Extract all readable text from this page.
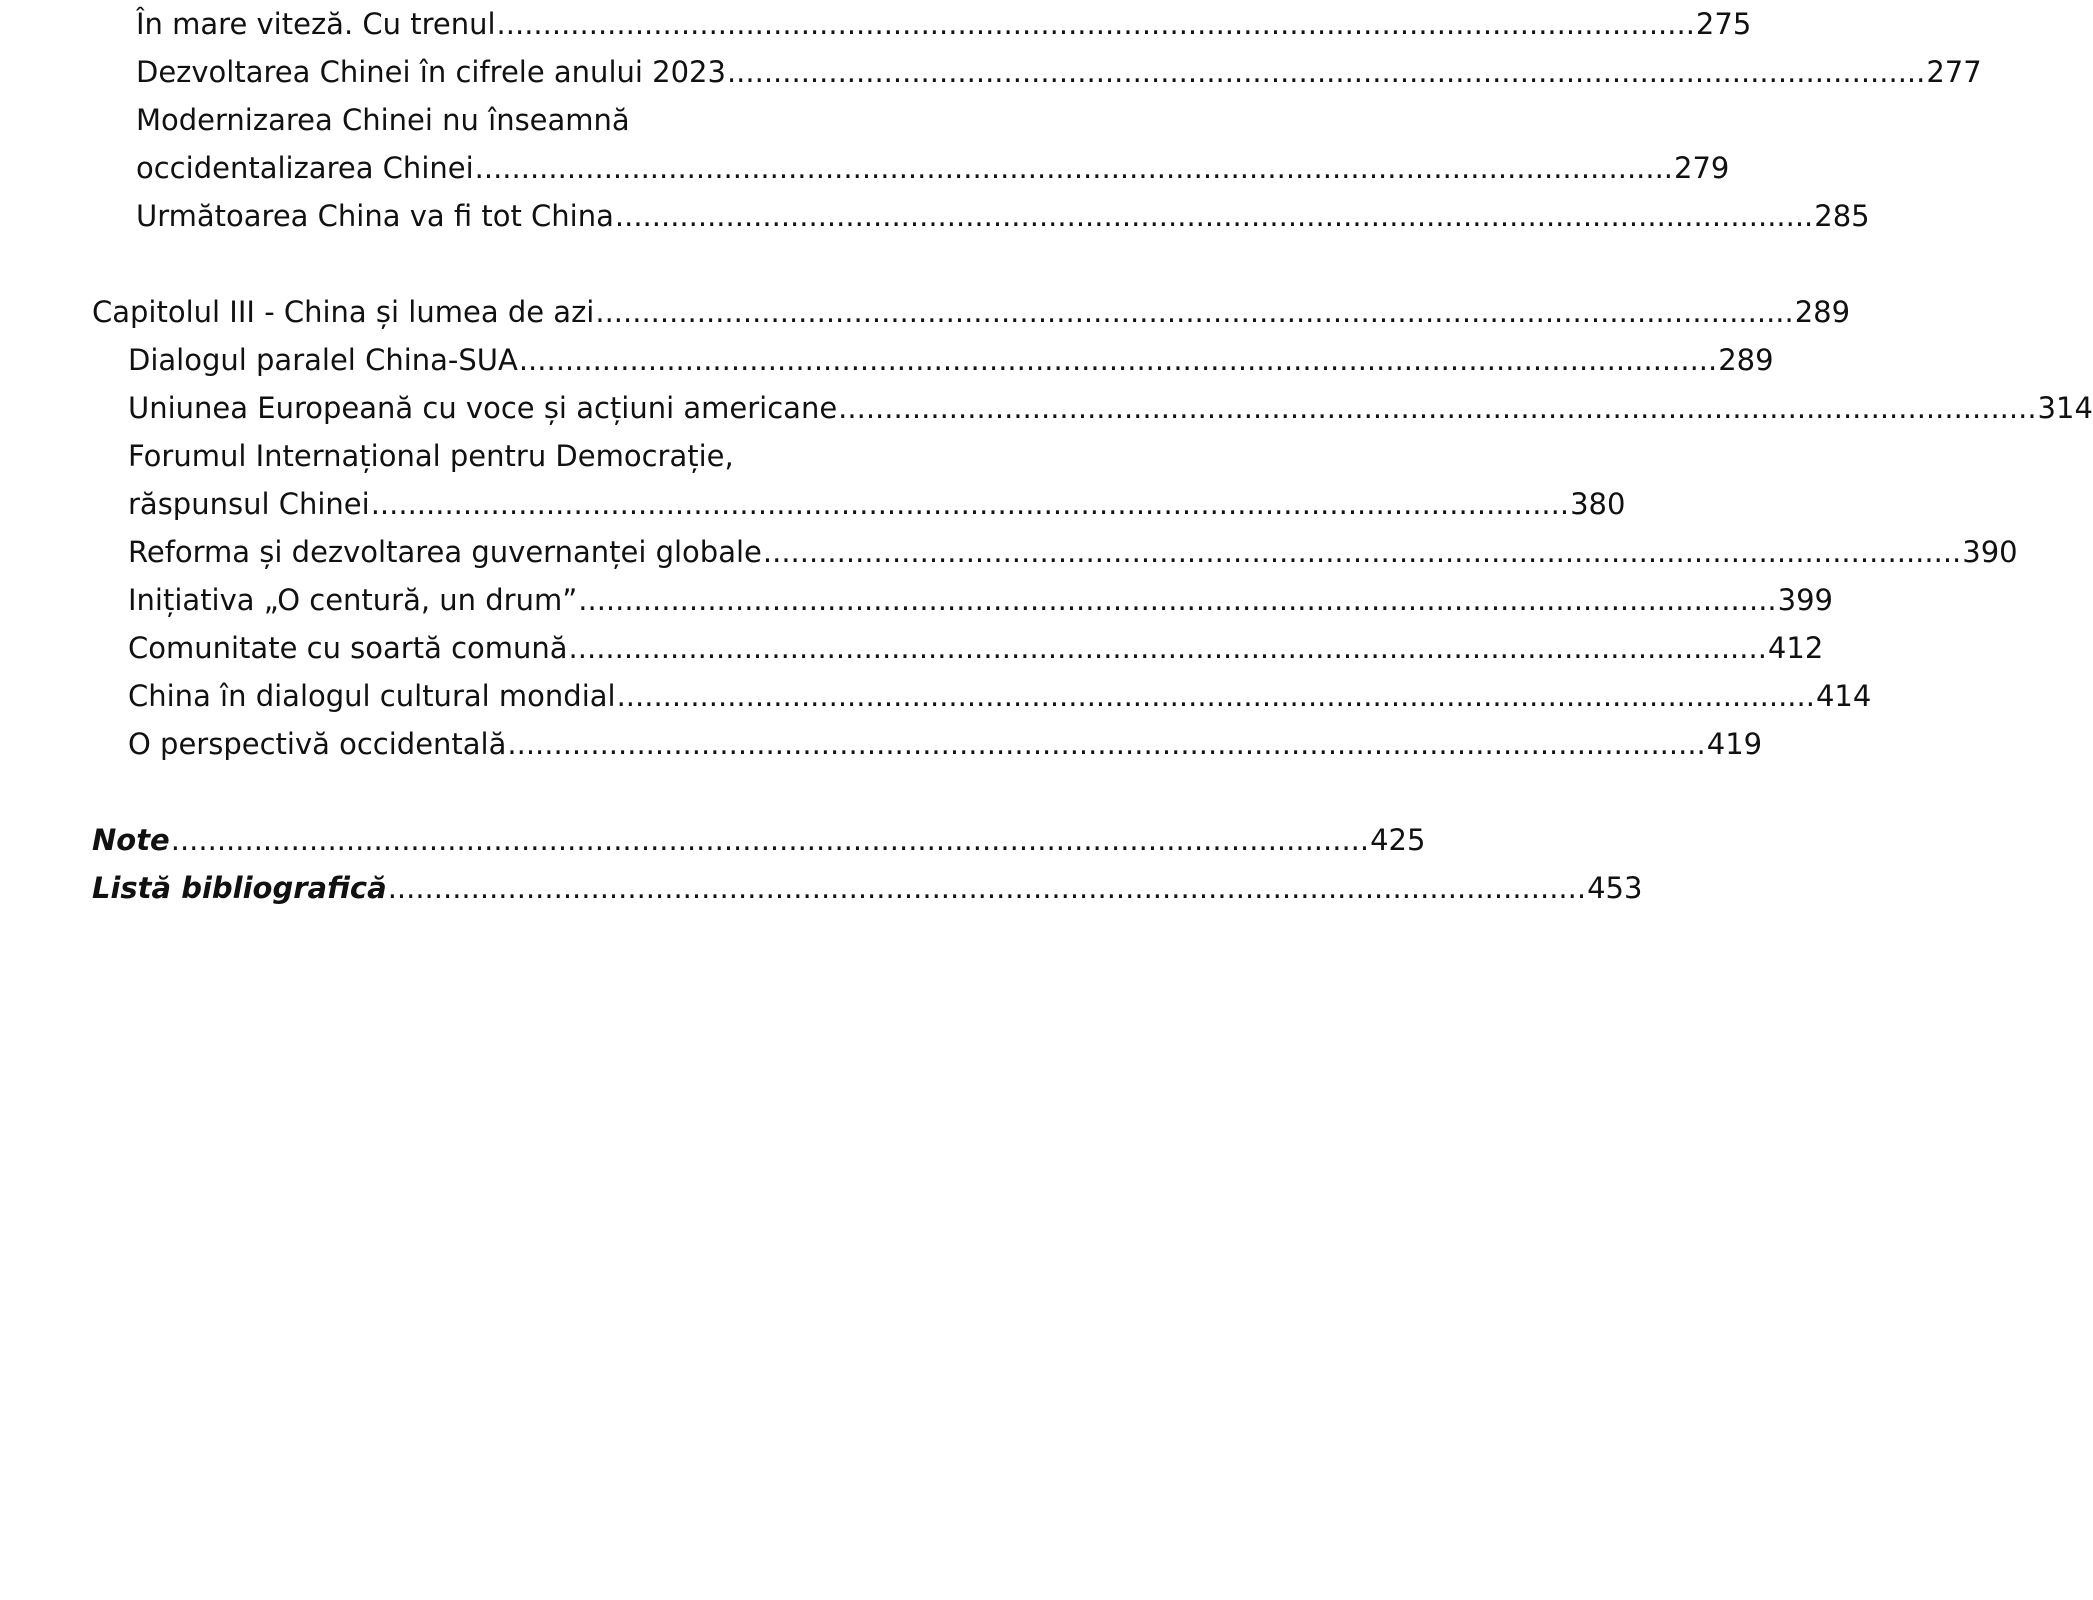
În mare viteză. Cu trenul .................................................................................................................................. 275
Dezvoltarea Chinei în cifrele anului 2023 .................................................................................................................................. 277
Modernizarea Chinei nu înseamnă
occidentalizarea Chinei .................................................................................................................................. 279
Următoarea China va fi tot China .................................................................................................................................. 285
Capitolul III - China și lumea de azi .................................................................................................................................. 289
Dialogul paralel China-SUA .................................................................................................................................. 289
Uniunea Europeană cu voce și acțiuni americane .................................................................................................................................. 314
Forumul Internațional pentru Democrație,
răspunsul Chinei .................................................................................................................................. 380
Reforma și dezvoltarea guvernanței globale .................................................................................................................................. 390
Inițiativa „O centură, un drum” .................................................................................................................................. 399
Comunitate cu soartă comună .................................................................................................................................. 412
China în dialogul cultural mondial .................................................................................................................................. 414
O perspectivă occidentală .................................................................................................................................. 419
Note .................................................................................................................................. 425
Listă bibliografică .................................................................................................................................. 453
